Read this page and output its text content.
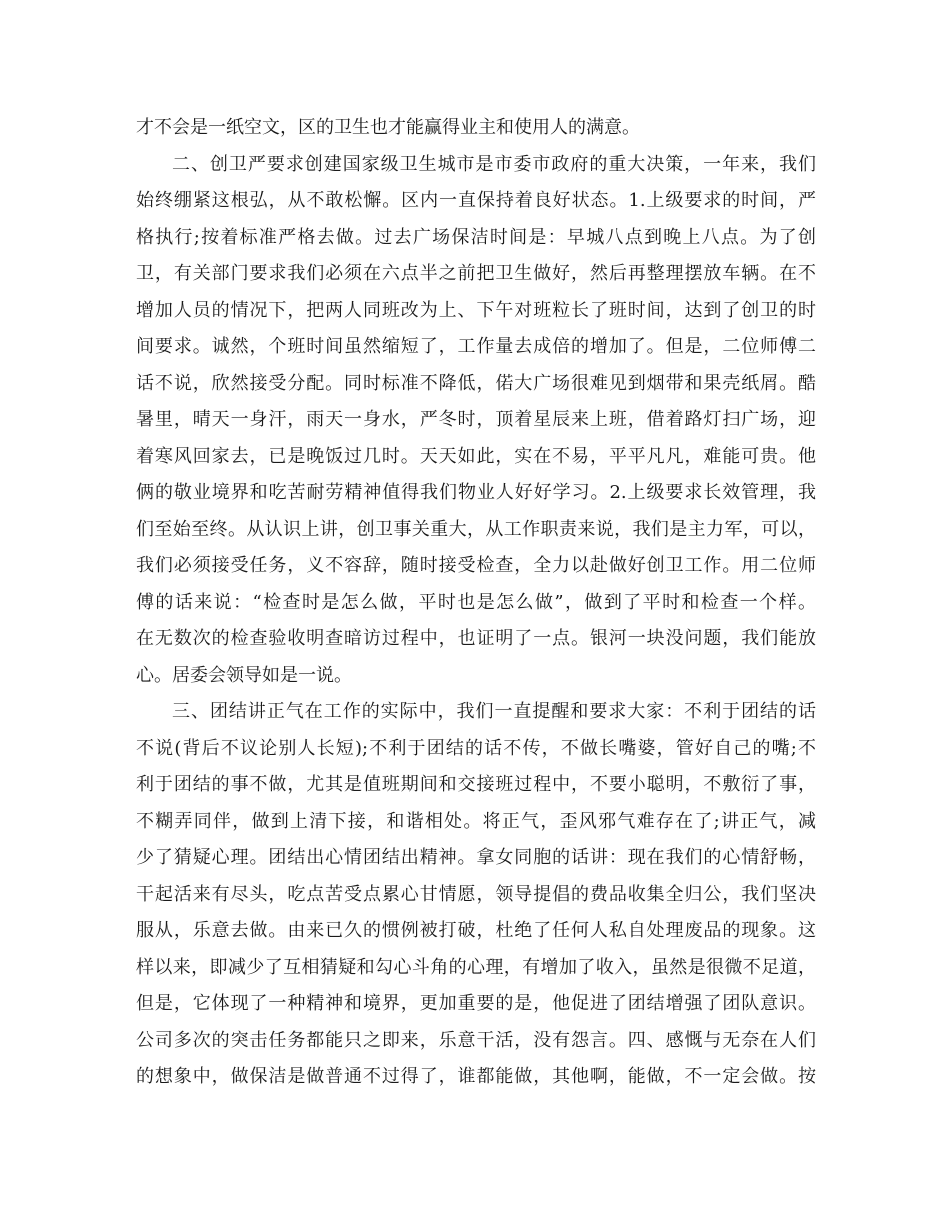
才不会是一纸空文，区的卫生也才能赢得业主和使用人的满意。
二、创卫严要求创建国家级卫生城市是市委市政府的重大决策，一年来，我们
始终绷紧这根弘，从不敢松懈。区内一直保持着良好状态。1.上级要求的时间，严
格执行;按着标准严格去做。过去广场保洁时间是：早城八点到晚上八点。为了创
卫，有关部门要求我们必须在六点半之前把卫生做好，然后再整理摆放车辆。在不
增加人员的情况下，把两人同班改为上、下午对班粒长了班时间，达到了创卫的时
间要求。诚然，个班时间虽然缩短了，工作量去成倍的增加了。但是，二位师傅二
话不说，欣然接受分配。同时标准不降低，偌大广场很难见到烟带和果壳纸屑。酷
暑里，晴天一身汗，雨天一身水，严冬时，顶着星辰来上班，借着路灯扫广场，迎
着寒风回家去，已是晚饭过几时。天天如此，实在不易，平平凡凡，难能可贵。他
俩的敬业境界和吃苦耐劳精神值得我们物业人好好学习。2.上级要求长效管理，我
们至始至终。从认识上讲，创卫事关重大，从工作职责来说，我们是主力军，可以，
我们必须接受任务，义不容辞，随时接受检查，全力以赴做好创卫工作。用二位师
傅的话来说：“检查时是怎么做，平时也是怎么做”，做到了平时和检查一个样。
在无数次的检查验收明查暗访过程中，也证明了一点。银河一块没问题，我们能放
心。居委会领导如是一说。
三、团结讲正气在工作的实际中，我们一直提醒和要求大家：不利于团结的话
不说(背后不议论别人长短);不利于团结的话不传，不做长嘴婆，管好自己的嘴;不
利于团结的事不做，尤其是值班期间和交接班过程中，不要小聪明，不敷衍了事，
不糊弄同伴，做到上清下接，和谐相处。将正气，歪风邪气难存在了;讲正气，减
少了猜疑心理。团结出心情团结出精神。拿女同胞的话讲：现在我们的心情舒畅，
干起活来有尽头，吃点苦受点累心甘情愿，领导提倡的费品收集全归公，我们坚决
服从，乐意去做。由来已久的惯例被打破，杜绝了任何人私自处理废品的现象。这
样以来，即减少了互相猜疑和勾心斗角的心理，有增加了收入，虽然是很微不足道，
但是，它体现了一种精神和境界，更加重要的是，他促进了团结增强了团队意识。
公司多次的突击任务都能只之即来，乐意干活，没有怨言。四、感慨与无奈在人们
的想象中，做保洁是做普通不过得了，谁都能做，其他啊，能做，不一定会做。按
